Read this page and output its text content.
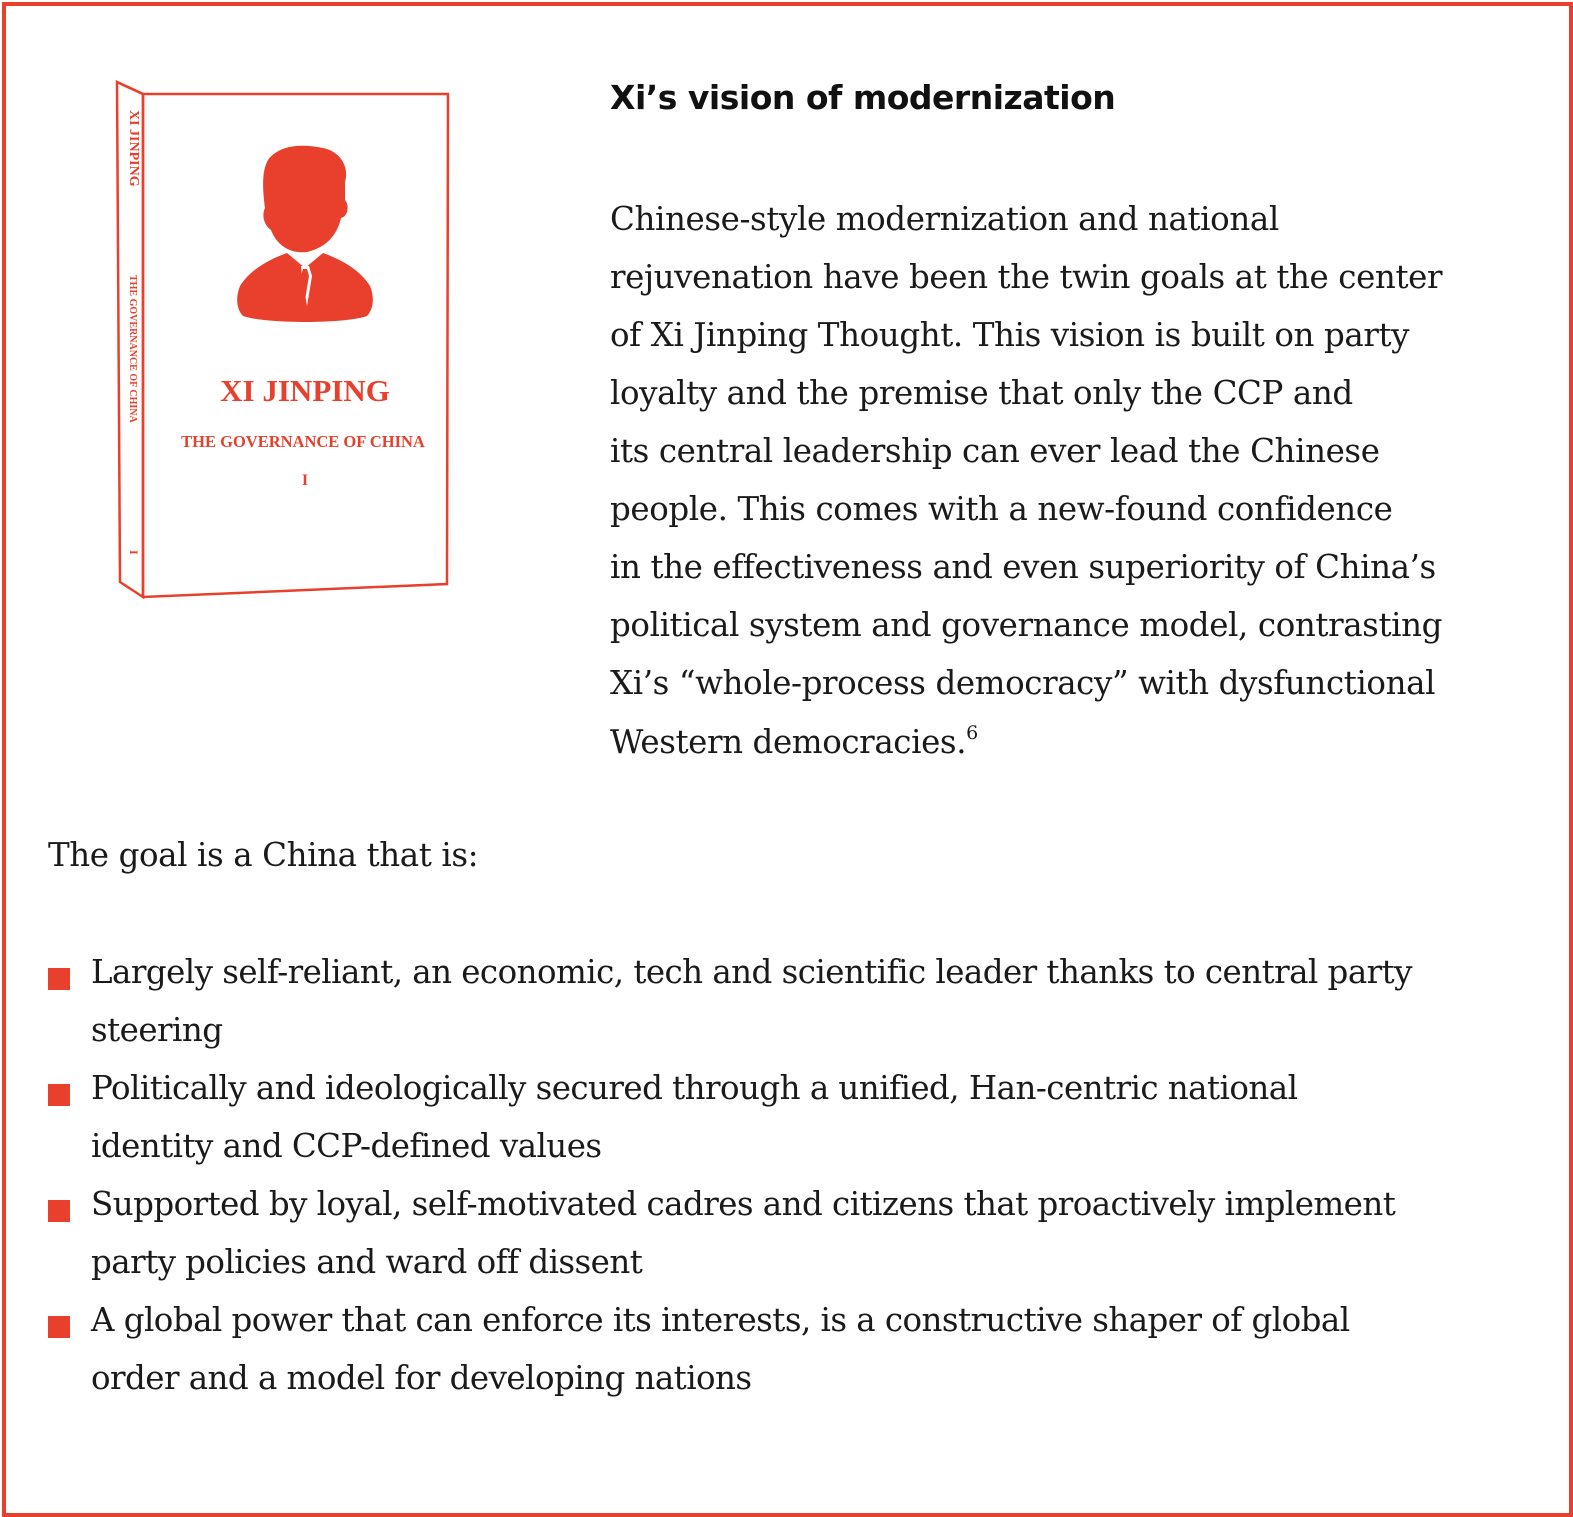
XI JINPING
THE GOVERNANCE OF CHINA
I
XI JINPING
THE GOVERNANCE OF CHINA
I
Xi’s vision of modernization
Chinese-style modernization and national
rejuvenation have been the twin goals at the center
of Xi Jinping Thought. This vision is built on party
loyalty and the premise that only the CCP and
its central leadership can ever lead the Chinese
people. This comes with a new-found confidence
in the effectiveness and even superiority of China’s
political system and governance model, contrasting
Xi’s “whole-process democracy” with dysfunctional
Western democracies.$^6$
The goal is a China that is:
Largely self-reliant, an economic, tech and scientific leader thanks to central party
steering
Politically and ideologically secured through a unified, Han-centric national
identity and CCP-defined values
Supported by loyal, self-motivated cadres and citizens that proactively implement
party policies and ward off dissent
A global power that can enforce its interests, is a constructive shaper of global
order and a model for developing nations
